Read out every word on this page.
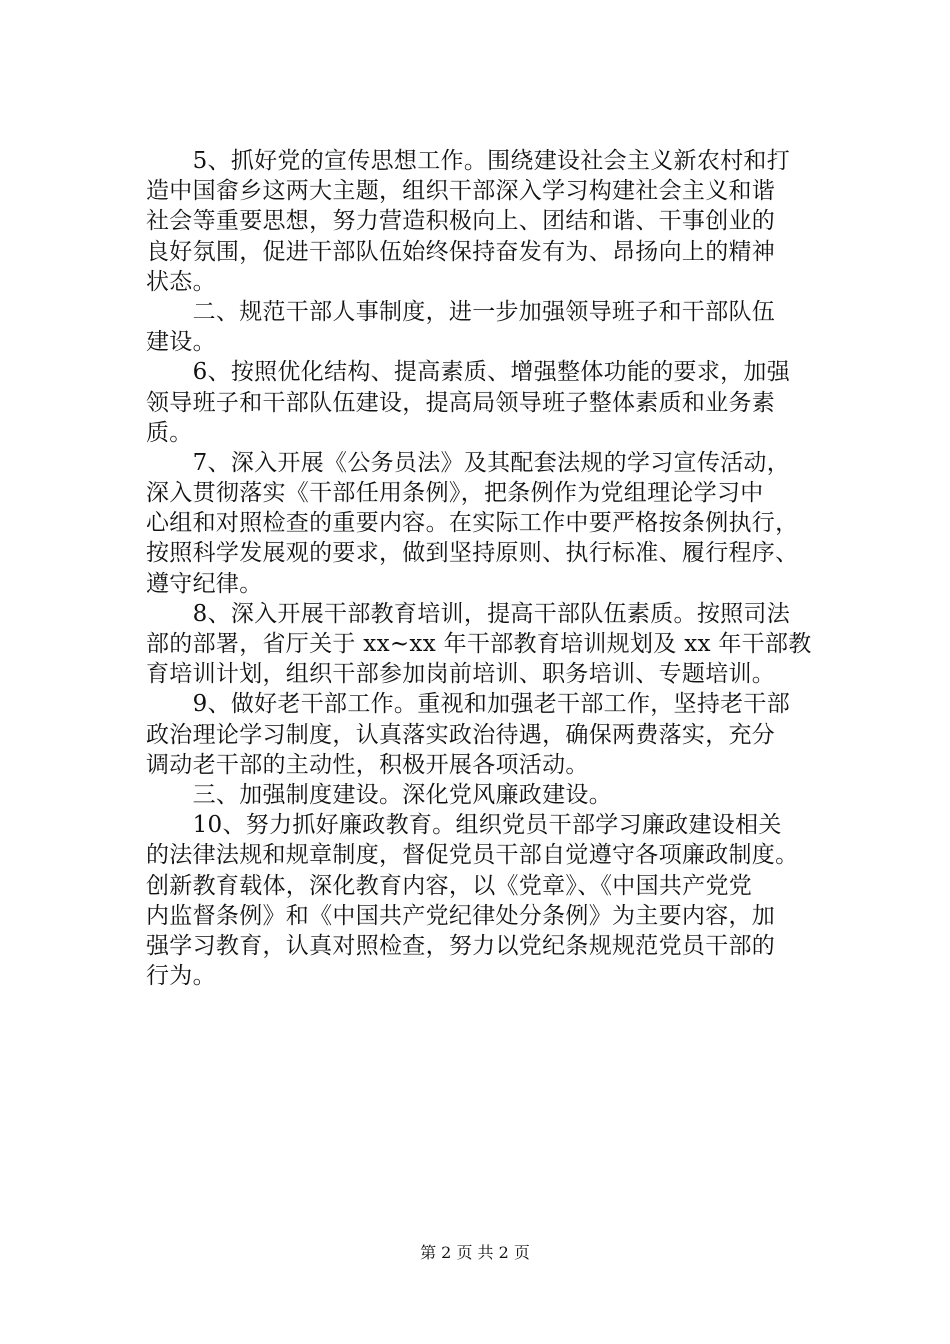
　　5、抓好党的宣传思想工作。围绕建设社会主义新农村和打
造中国畲乡这两大主题，组织干部深入学习构建社会主义和谐
社会等重要思想，努力营造积极向上、团结和谐、干事创业的
良好氛围，促进干部队伍始终保持奋发有为、昂扬向上的精神
状态。
　　二、规范干部人事制度，进一步加强领导班子和干部队伍
建设。
　　6、按照优化结构、提高素质、增强整体功能的要求，加强
领导班子和干部队伍建设，提高局领导班子整体素质和业务素
质。
　　7、深入开展《公务员法》及其配套法规的学习宣传活动，
深入贯彻落实《干部任用条例》，把条例作为党组理论学习中
心组和对照检查的重要内容。在实际工作中要严格按条例执行，
按照科学发展观的要求，做到坚持原则、执行标准、履行程序、
遵守纪律。
　　8、深入开展干部教育培训，提高干部队伍素质。按照司法
部的部署，省厅关于 xx~xx 年干部教育培训规划及 xx 年干部教
育培训计划，组织干部参加岗前培训、职务培训、专题培训。
　　9、做好老干部工作。重视和加强老干部工作，坚持老干部
政治理论学习制度，认真落实政治待遇，确保两费落实，充分
调动老干部的主动性，积极开展各项活动。
　　三、加强制度建设。深化党风廉政建设。
　　10、努力抓好廉政教育。组织党员干部学习廉政建设相关
的法律法规和规章制度，督促党员干部自觉遵守各项廉政制度。
创新教育载体，深化教育内容，以《党章》、《中国共产党党
内监督条例》和《中国共产党纪律处分条例》为主要内容，加
强学习教育，认真对照检查，努力以党纪条规规范党员干部的
行为。
第 2 页 共 2 页
